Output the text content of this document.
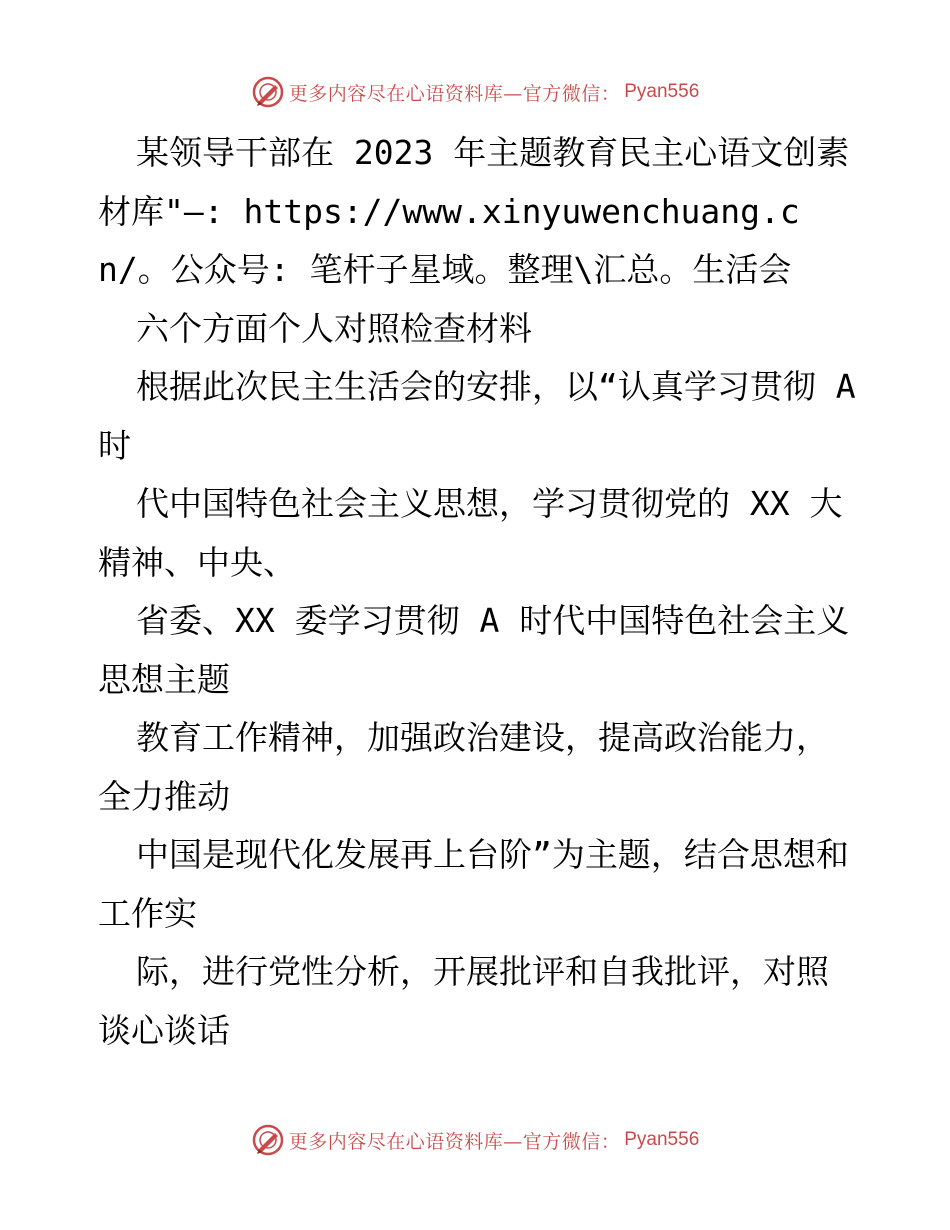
更多内容尽在心语资料库—官方微信： Pyan556

某领导干部在 2023 年主题教育民主心语文创素材库"—: https://www.xinyuwenchuang.cn/。公众号: 笔杆子星域。整理\汇总。生活会

六个方面个人对照检查材料

根据此次民主生活会的安排，以“认真学习贯彻 A 时

代中国特色社会主义思想，学习贯彻党的 XX 大精神、中央、

省委、XX 委学习贯彻 A 时代中国特色社会主义思想主题

教育工作精神，加强政治建设，提高政治能力，全力推动

中国是现代化发展再上台阶”为主题，结合思想和工作实

际，进行党性分析，开展批评和自我批评，对照谈心谈话

更多内容尽在心语资料库—官方微信： Pyan556
